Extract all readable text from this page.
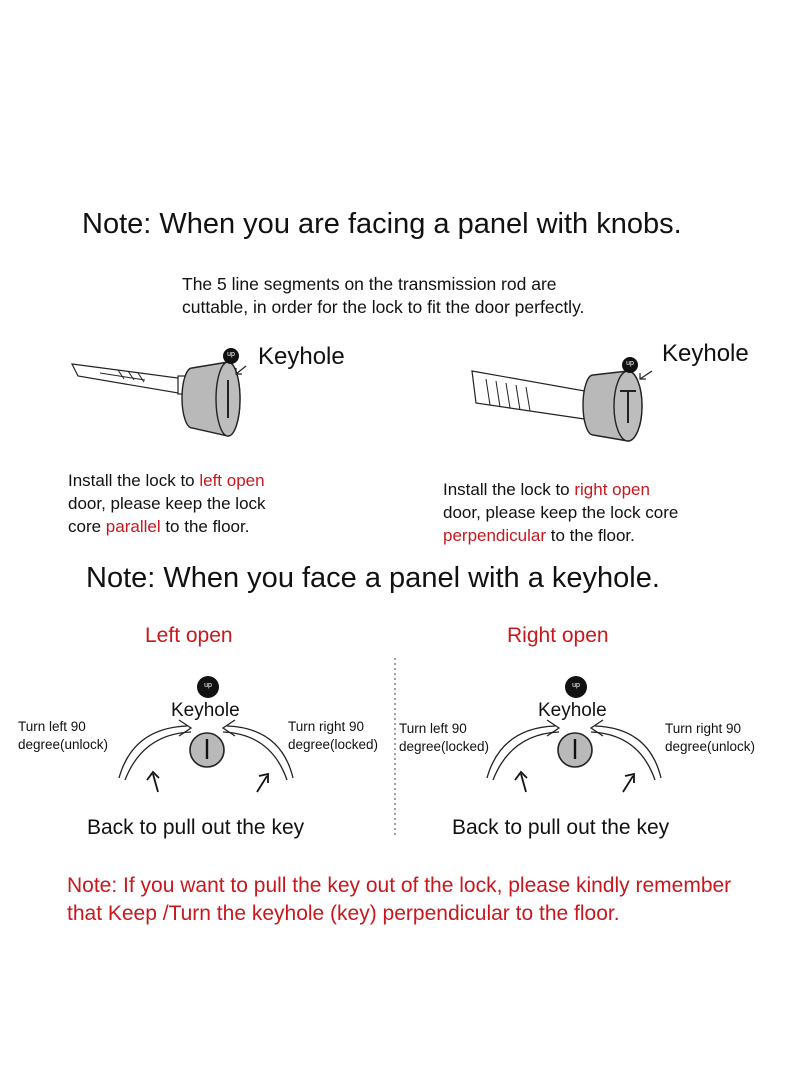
Note: When you are facing a panel with knobs.
The 5 line segments on the transmission rod are
cuttable, in order for the lock to fit the door perfectly.
up Keyhole	up Keyhole
Install the lock to left open
door, please keep the lock
core parallel to the floor.
Install the lock to right open
door, please keep the lock core
perpendicular to the floor.
Note: When you face a panel with a keyhole.
Left open	Right open
up
Keyhole
Turn left 90
degree(unlock)
Turn right 90
degree(locked)
Back to pull out the key
up
Keyhole
Turn left 90
degree(locked)
Turn right 90
degree(unlock)
Back to pull out the key
Note: If you want to pull the key out of the lock, please kindly remember that Keep /Turn the keyhole (key) perpendicular to the floor.
